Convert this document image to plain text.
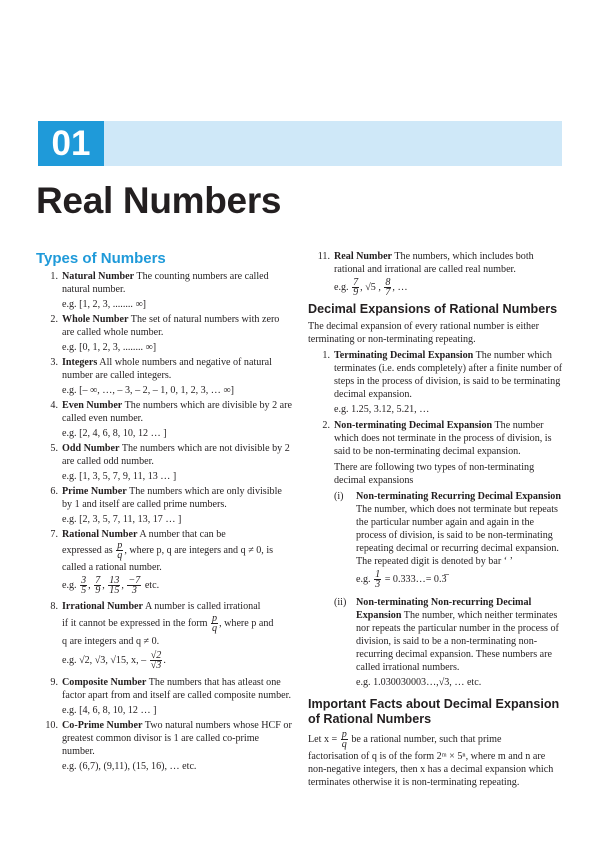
01
Real Numbers
Types of Numbers
1. Natural Number The counting numbers are called natural number.
e.g. [1, 2, 3, ........ ∞]
2. Whole Number The set of natural numbers with zero are called whole number.
e.g. [0, 1, 2, 3, ........ ∞]
3. Integers All whole numbers and negative of natural number are called integers.
e.g. [– ∞, …, – 3, – 2, – 1, 0, 1, 2, 3, … ∞]
4. Even Number The numbers which are divisible by 2 are called even number.
e.g. [2, 4, 6, 8, 10, 12 … ]
5. Odd Number The numbers which are not divisible by 2 are called odd number.
e.g. [1, 3, 5, 7, 9, 11, 13 … ]
6. Prime Number The numbers which are only divisible by 1 and itself are called prime numbers.
e.g. [2, 3, 5, 7, 11, 13, 17 … ]
7. Rational Number A number that can be
expressed as $\frac{p}{q}$ , where p, q are integers and q ≠ 0, is
called a rational number.
e.g. $\frac{3}{5}$ , $\frac{7}{9}$ , $\frac{13}{15}$ , $\frac{-7}{3}$ etc.
8. Irrational Number A number is called irrational
if it cannot be expressed in the form $\frac{p}{q}$ , where p and
q are integers and q ≠ 0.
e.g. √2, √3, √15, x, – $\frac{√2}{√3}$ .
9. Composite Number The numbers that has atleast one factor apart from and itself are called composite number.
e.g. [4, 6, 8, 10, 12 … ]
10. Co-Prime Number Two natural numbers whose HCF or greatest common divisor is 1 are called co-prime number.
e.g. (6,7), (9,11), (15, 16), … etc.
11. Real Number The numbers, which includes both rational and irrational are called real number.
e.g. $\frac{7}{9}$ , √5 , $\frac{8}{7}$ , …
Decimal Expansions of Rational Numbers
The decimal expansion of every rational number is either terminating or non-terminating repeating.
1. Terminating Decimal Expansion The number which terminates (i.e. ends completely) after a finite number of steps in the process of division, is said to be terminating decimal expansion.
e.g. 1.25, 3.12, 5.21, …
2. Non-terminating Decimal Expansion The number which does not terminate in the process of division, is said to be non-terminating decimal expansion.
There are following two types of non-terminating decimal expansions
(i)	Non-terminating Recurring Decimal Expansion The number, which does not terminate but repeats the particular number again and again in the process of division, is said to be non-terminating repeating decimal or recurring decimal expansion. The repeated digit is denoted by bar ‘ ’
e.g. $\frac{1}{3}$ = 0.333…= 0.3̅
(ii) Non-terminating Non-recurring Decimal Expansion The number, which neither terminates nor repeats the particular number in the process of division, is said to be a non-terminating non-recurring decimal expansion. These numbers are called irrational numbers.
e.g. 1.030030003…,√3, … etc.
Important Facts about Decimal Expansion of Rational Numbers
Let $x = \frac{p}{q}$ be a rational number, such that prime
factorisation of q is of the form 2ᵐ × 5ⁿ, where m and n are non-negative integers, then x has a decimal expansion which terminates otherwise it is non-terminating repeating.
